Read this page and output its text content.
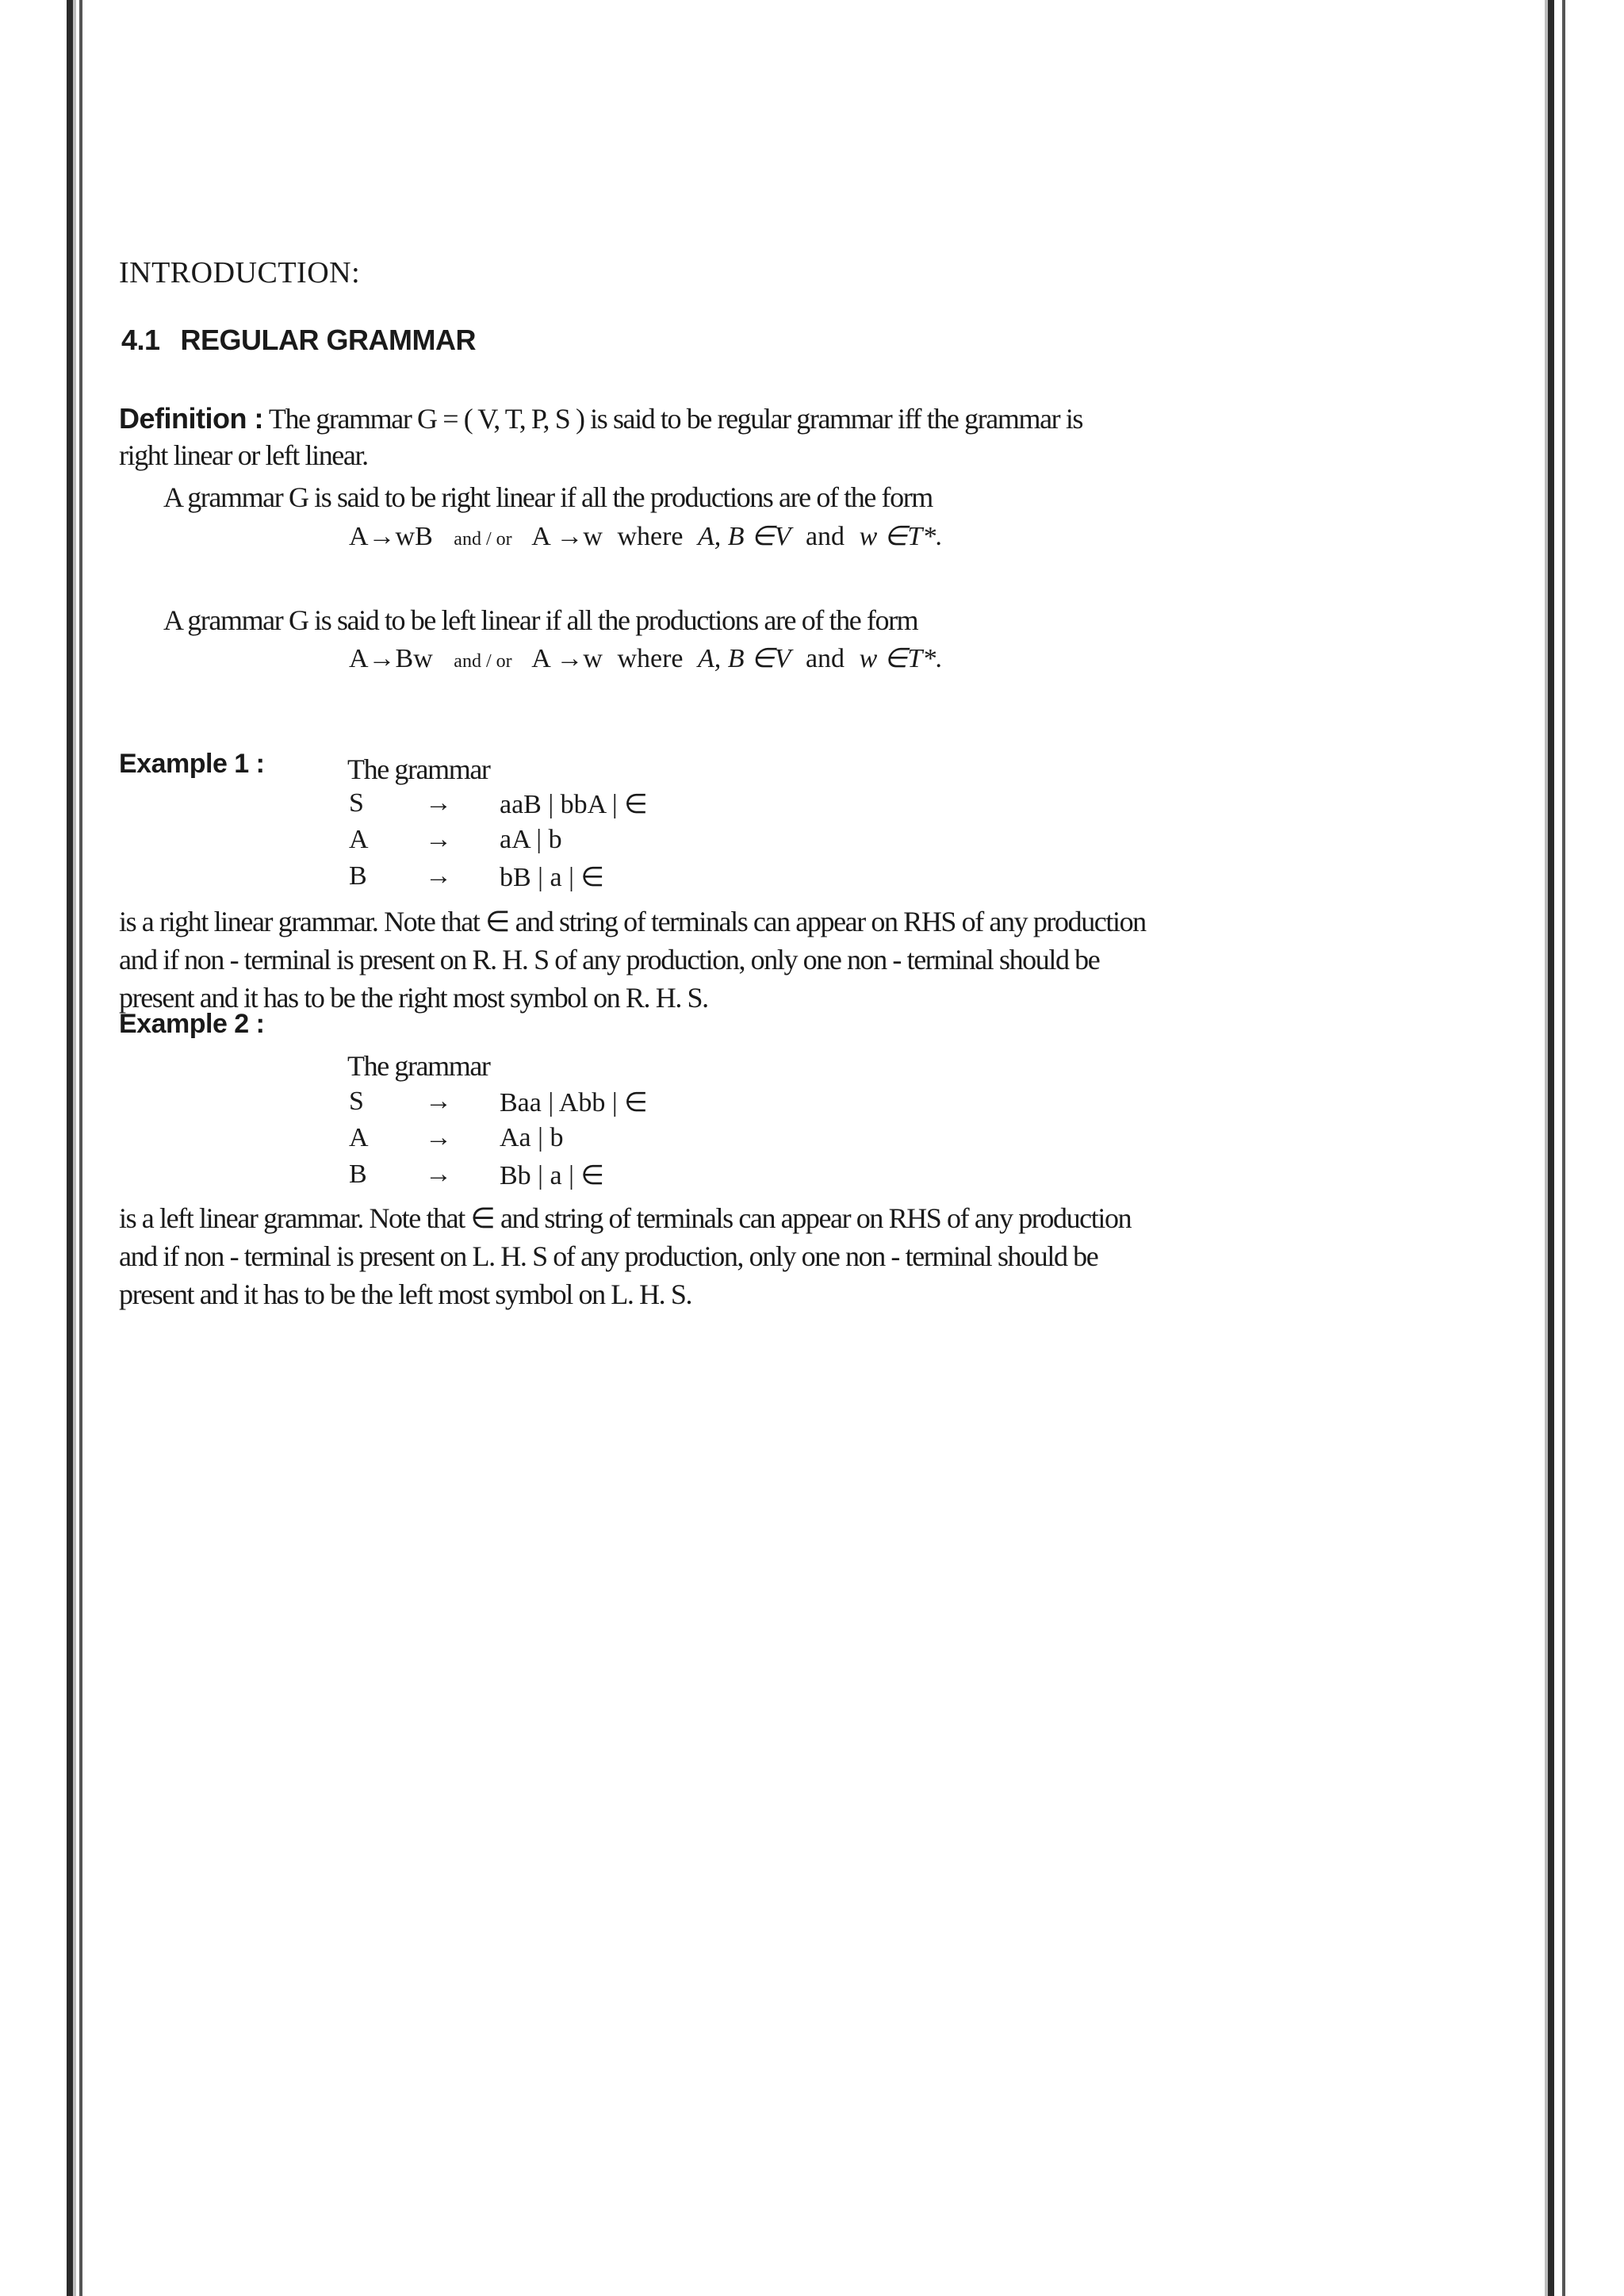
INTRODUCTION:
4.1 REGULAR GRAMMAR
Definition : The grammar G = ( V, T, P, S ) is said to be regular grammar iff the grammar is
right linear or left linear.
A grammar G is said to be right linear if all the productions are of the form
A→wB and / or A →w where A, B ∈V and w ∈T*.
A grammar G is said to be left linear if all the productions are of the form
A→Bw and / or A →w where A, B ∈V and w ∈T*.
Example 1 :	The grammar
S → aaB | bbA | ∈
A → aA | b
B → bB | a | ∈
is a right linear grammar. Note that ∈ and string of terminals can appear on RHS of any production
and if non - terminal is present on R. H. S of any production, only one non - terminal should be
present and it has to be the right most symbol on R. H. S.
Example 2 :
The grammar
S → Baa | Abb | ∈
A → Aa | b
B → Bb | a | ∈
is a left linear grammar. Note that ∈ and string of terminals can appear on RHS of any production
and if non - terminal is present on L. H. S of any production, only one non - terminal should be
present and it has to be the left most symbol on L. H. S.
